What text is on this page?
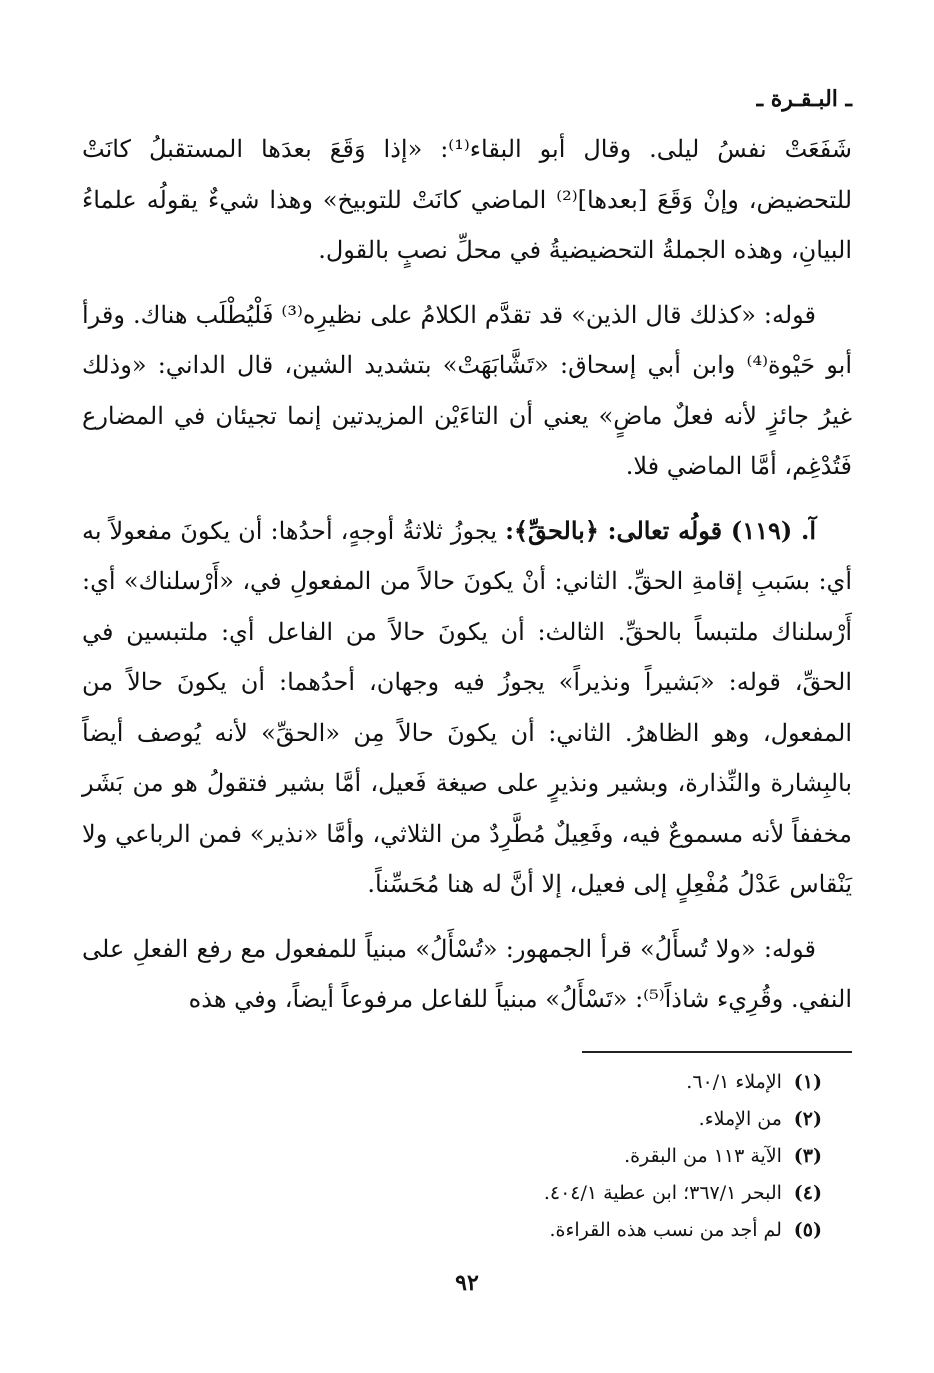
ـ البـقـرة ـ

شَفَعَتْ نفسُ ليلى. وقال أبو البقاء⁽¹⁾: «إذا وَقَعَ بعدَها المستقبلُ كانَتْ للتحضيض، وإنْ وَقَعَ [بعدها]⁽²⁾ الماضي كانَتْ للتوبيخ» وهذا شيءٌ يقولُه علماءُ البيانِ، وهذه الجملةُ التحضيضيةُ في محلِّ نصبٍ بالقول.

قوله: «كذلك قال الذين» قد تقدَّم الكلامُ على نظيرِه⁽³⁾ فَلْيُطْلَب هناك. وقرأ أبو حَيْوة⁽⁴⁾ وابن أبي إسحاق: «تَشَّابَهَتْ» بتشديد الشين، قال الداني: «وذلك غيرُ جائزٍ لأنه فعلٌ ماضٍ» يعني أن التاءَيْن المزيدتين إنما تجيئان في المضارع فَتُدْغِم، أمَّا الماضي فلا.

آ. (١١٩) قولُه تعالى: ﴿بالحقِّ﴾: يجوزُ ثلاثةُ أوجهٍ، أحدُها: أن يكونَ مفعولاً به أي: بسَببِ إقامةِ الحقِّ. الثاني: أنْ يكونَ حالاً من المفعولِ في، «أَرْسلناك» أي: أَرْسلناك ملتبساً بالحقِّ. الثالث: أن يكونَ حالاً من الفاعل أي: ملتبسين في الحقِّ، قوله: «بَشيراً ونذيراً» يجوزُ فيه وجهان، أحدُهما: أن يكونَ حالاً من المفعول، وهو الظاهرُ. الثاني: أن يكونَ حالاً مِن «الحقِّ» لأنه يُوصف أيضاً بالبِشارة والنِّذارة، وبشير ونذيرٍ على صيغة فَعيل، أمَّا بشير فتقولُ هو من بَشَر مخففاً لأنه مسموعٌ فيه، وفَعِيلٌ مُطَّرِدٌ من الثلاثي، وأمَّا «نذير» فمن الرباعي ولا يَنْقاس عَدْلُ مُفْعِلٍ إلى فعيل، إلا أنَّ له هنا مُحَسِّناً.

قوله: «ولا تُسأَلُ» قرأ الجمهور: «تُسْأَلُ» مبنياً للمفعول مع رفع الفعلِ على النفي. وقُرِيء شاذاً⁽⁵⁾: «تَسْأَلُ» مبنياً للفاعل مرفوعاً أيضاً، وفي هذه

(١) الإملاء ٦٠/١.
(٢) من الإملاء.
(٣) الآية ١١٣ من البقرة.
(٤) البحر ٣٦٧/١؛ ابن عطية ٤٠٤/١.
(٥) لم أجد من نسب هذه القراءة.
٩٢
